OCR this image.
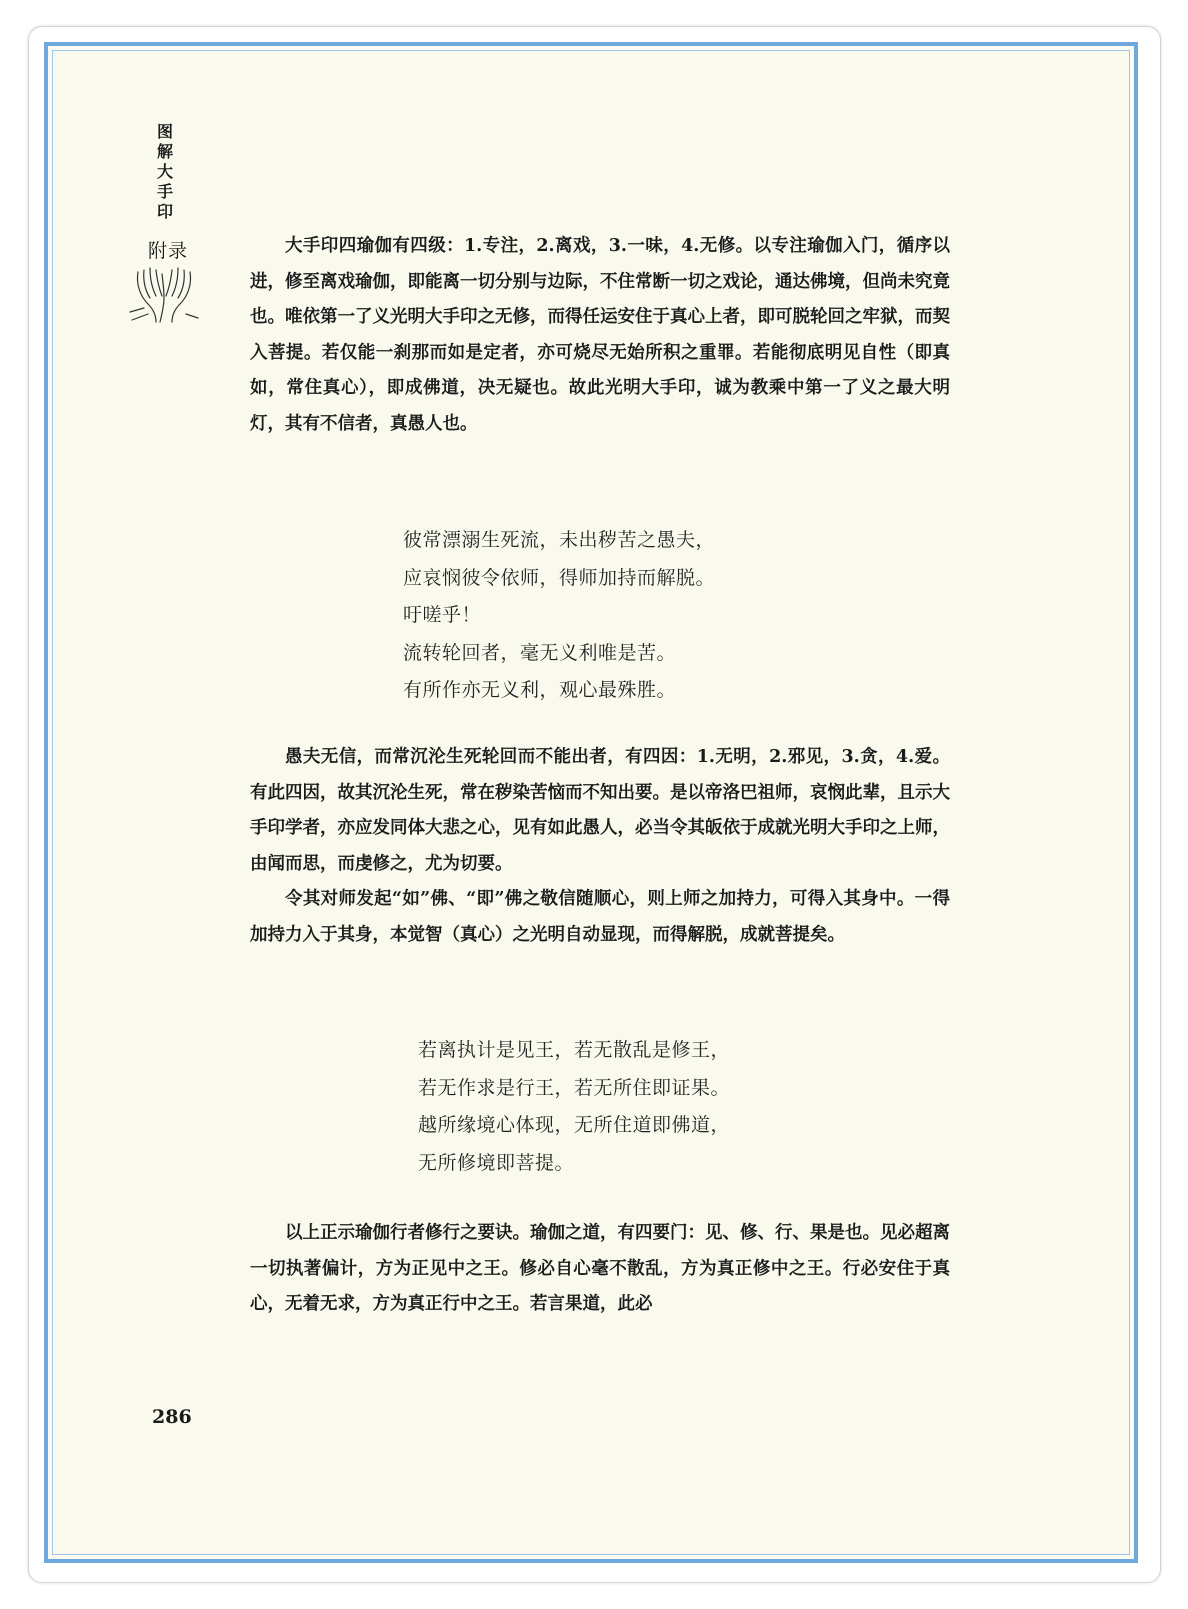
图解大手印
附录	大手印四瑜伽有四级：1.专注，2.离戏，3.一味，4.无修。以专注瑜伽入门，循序以进，修至离戏瑜伽，即能离一切分别与边际，不住常断一切之戏论，通达佛境，但尚未究竟也。唯依第一了义光明大手印之无修，而得任运安住于真心上者，即可脱轮回之牢狱，而契入菩提。若仅能一刹那而如是定者，亦可烧尽无始所积之重罪。若能彻底明见自性（即真如，常住真心），即成佛道，决无疑也。故此光明大手印，诚为教乘中第一了义之最大明灯，其有不信者，真愚人也。

彼常漂溺生死流，未出秽苦之愚夫，
应哀悯彼令依师，得师加持而解脱。
吁嗟乎！
流转轮回者，毫无义利唯是苦。
有所作亦无义利，观心最殊胜。

愚夫无信，而常沉沦生死轮回而不能出者，有四因：1.无明，2.邪见，3.贪，4.爱。有此四因，故其沉沦生死，常在秽染苦恼而不知出要。是以帝洛巴祖师，哀悯此辈，且示大手印学者，亦应发同体大悲之心，见有如此愚人，必当令其皈依于成就光明大手印之上师，由闻而思，而虔修之，尤为切要。

令其对师发起“如”佛、“即”佛之敬信随顺心，则上师之加持力，可得入其身中。一得加持力入于其身，本觉智（真心）之光明自动显现，而得解脱，成就菩提矣。

若离执计是见王，若无散乱是修王，
若无作求是行王，若无所住即证果。
越所缘境心体现，无所住道即佛道，
无所修境即菩提。

以上正示瑜伽行者修行之要诀。瑜伽之道，有四要门：见、修、行、果是也。见必超离一切执著偏计，方为正见中之王。修必自心毫不散乱，方为真正修中之王。行必安住于真心，无着无求，方为真正行中之王。若言果道，此必

286
